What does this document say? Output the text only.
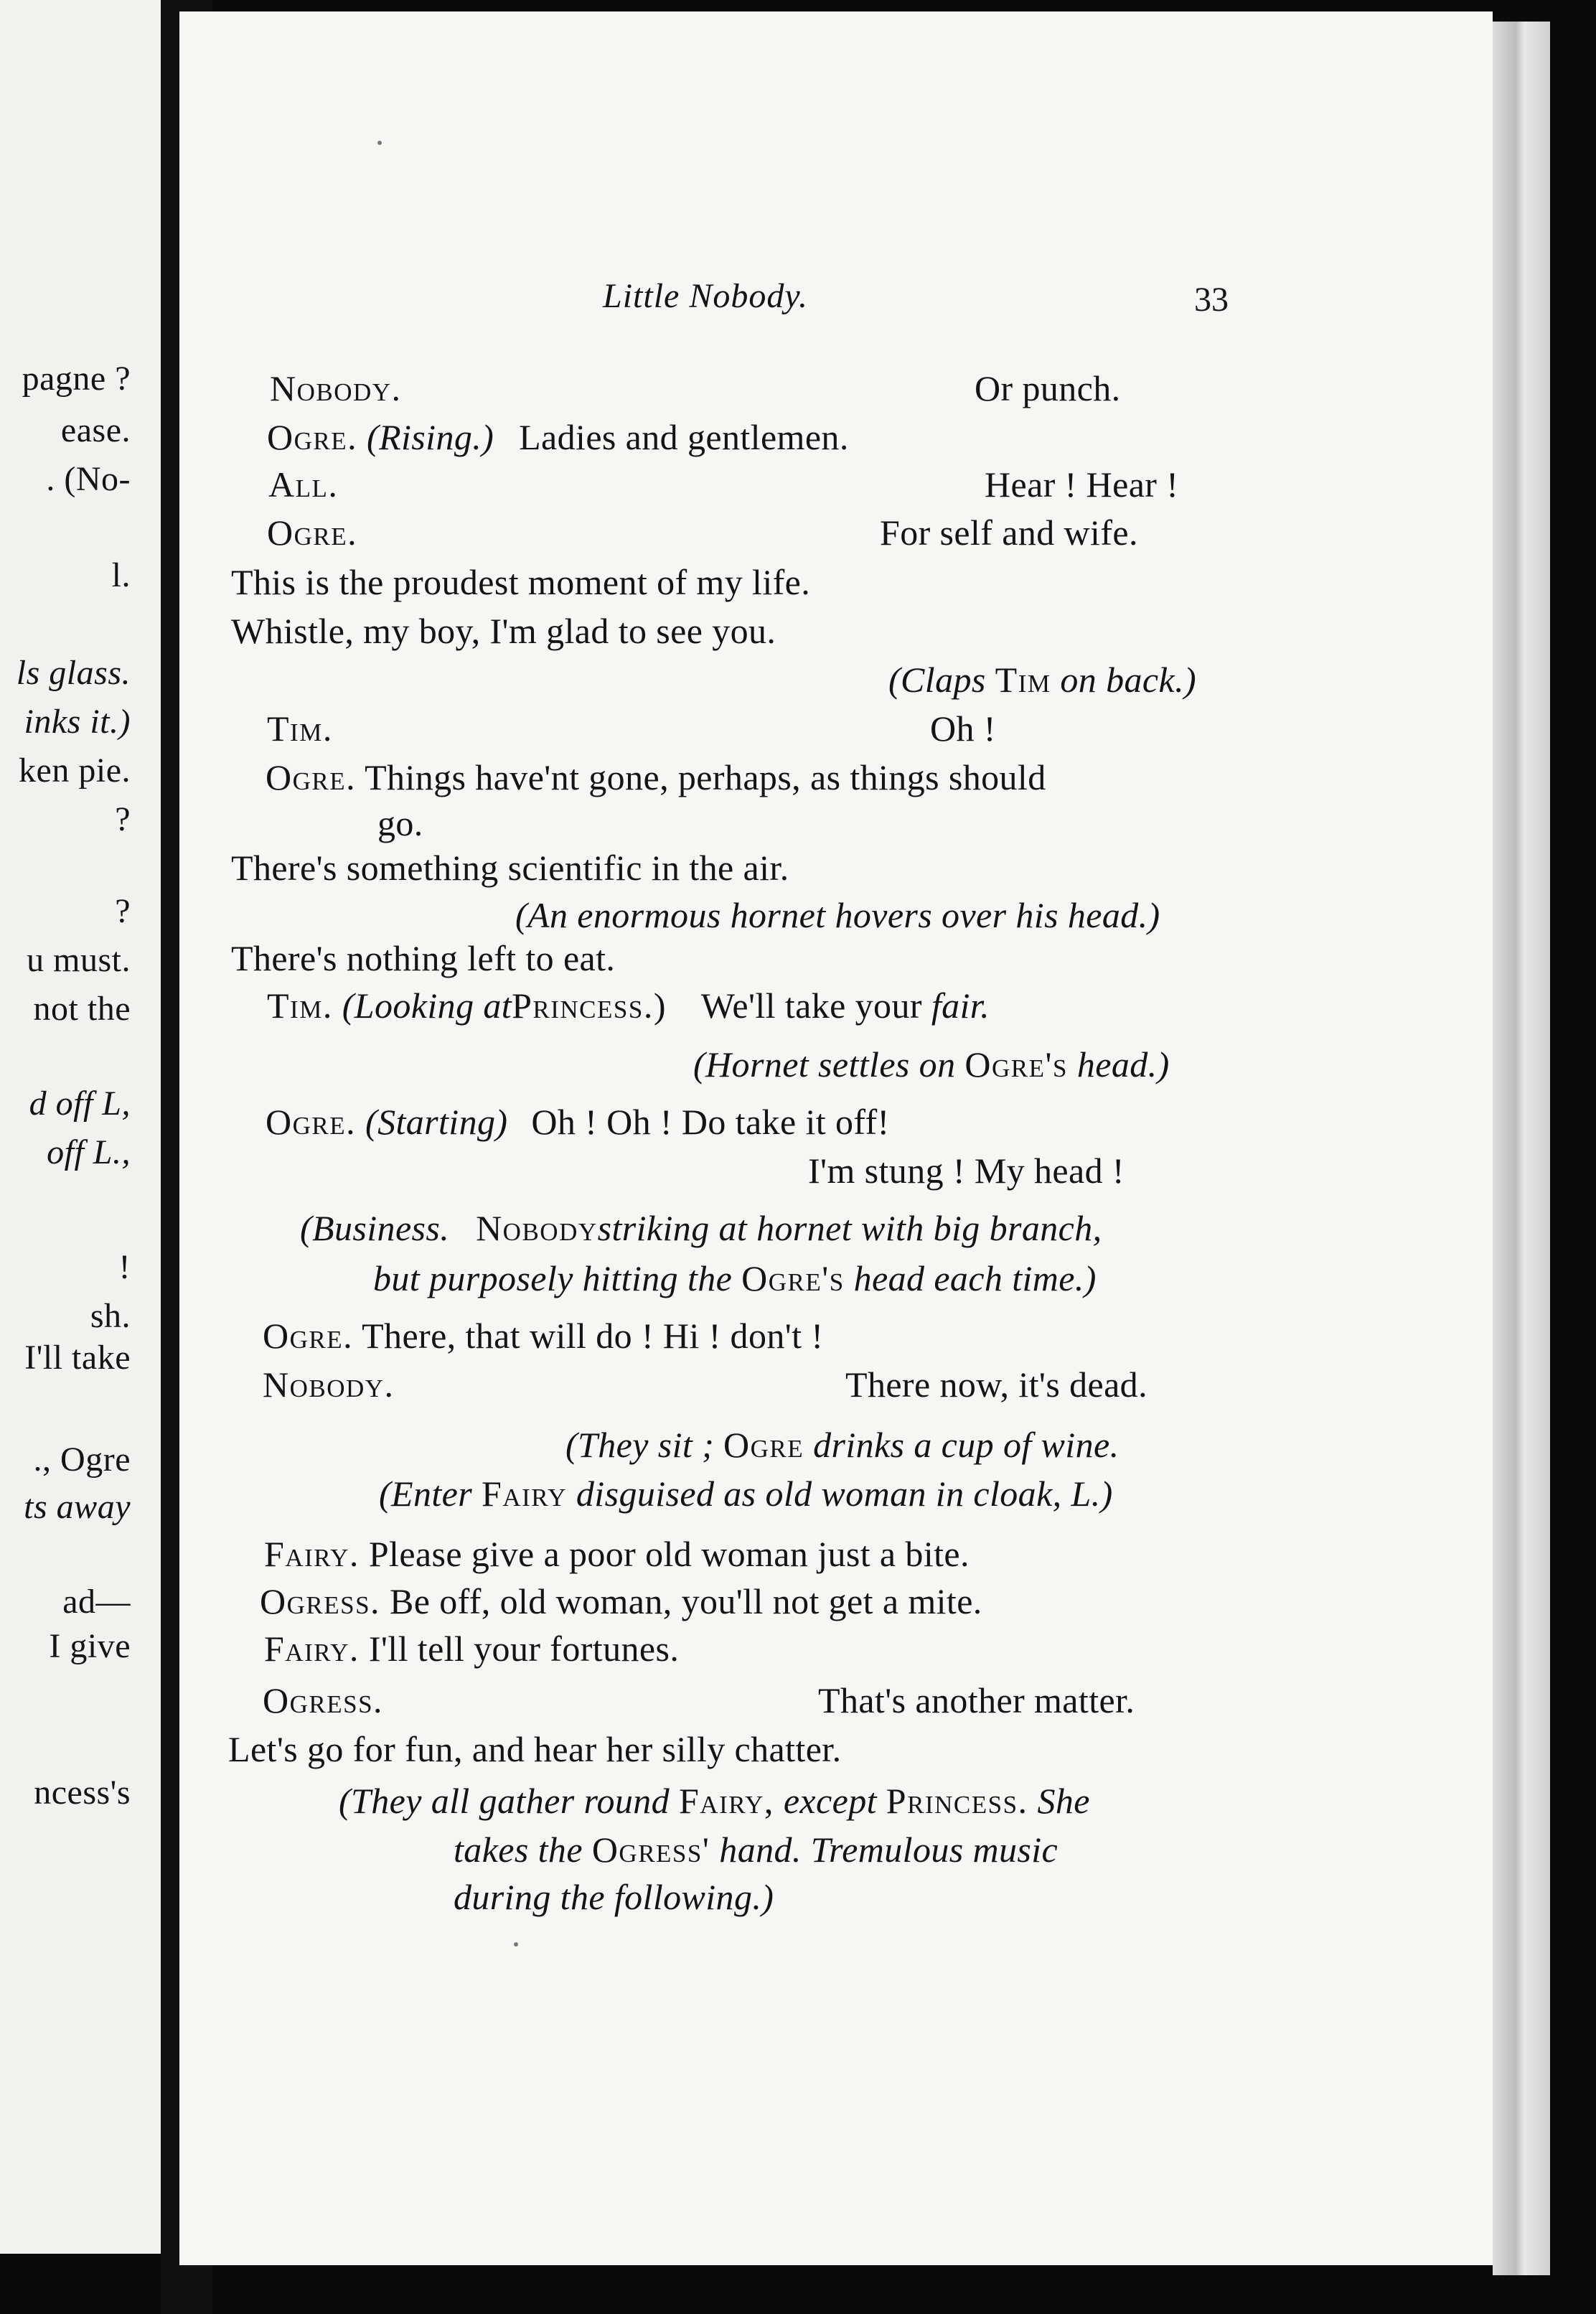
pagne ?
ease.
. (No-
l.
ls glass.
inks it.)
ken pie.
?
?
u must.
not the
d off L,
off L.,
!
sh.
I'll take
., Ogre
ts away
ad—
I give
ncess's
Little Nobody.	33
Nobody.	Or punch.
Ogre. (Rising.) Ladies and gentlemen.
All.	Hear ! Hear !
Ogre.	For self and wife.
This is the proudest moment of my life.
Whistle, my boy, I'm glad to see you.
(Claps Tim on back.)
Tim.	Oh !
Ogre. Things have'nt gone, perhaps, as things should
go.
There's something scientific in the air.
(An enormous hornet hovers over his head.)
There's nothing left to eat.
Tim. (Looking atPrincess.) We'll take your fair.
(Hornet settles on Ogre's head.)
Ogre. (Starting) Oh ! Oh ! Do take it off!
I'm stung ! My head !
(Business. Nobodystriking at hornet with big branch,
but purposely hitting the Ogre's head each time.)
Ogre. There, that will do ! Hi ! don't !
Nobody.	There now, it's dead.
(They sit ; Ogre drinks a cup of wine.
(Enter Fairy disguised as old woman in cloak, L.)
Fairy. Please give a poor old woman just a bite.
Ogress. Be off, old woman, you'll not get a mite.
Fairy. I'll tell your fortunes.
Ogress.	That's another matter.
Let's go for fun, and hear her silly chatter.
(They all gather round Fairy, except Princess. She
takes the Ogress' hand. Tremulous music
during the following.)
